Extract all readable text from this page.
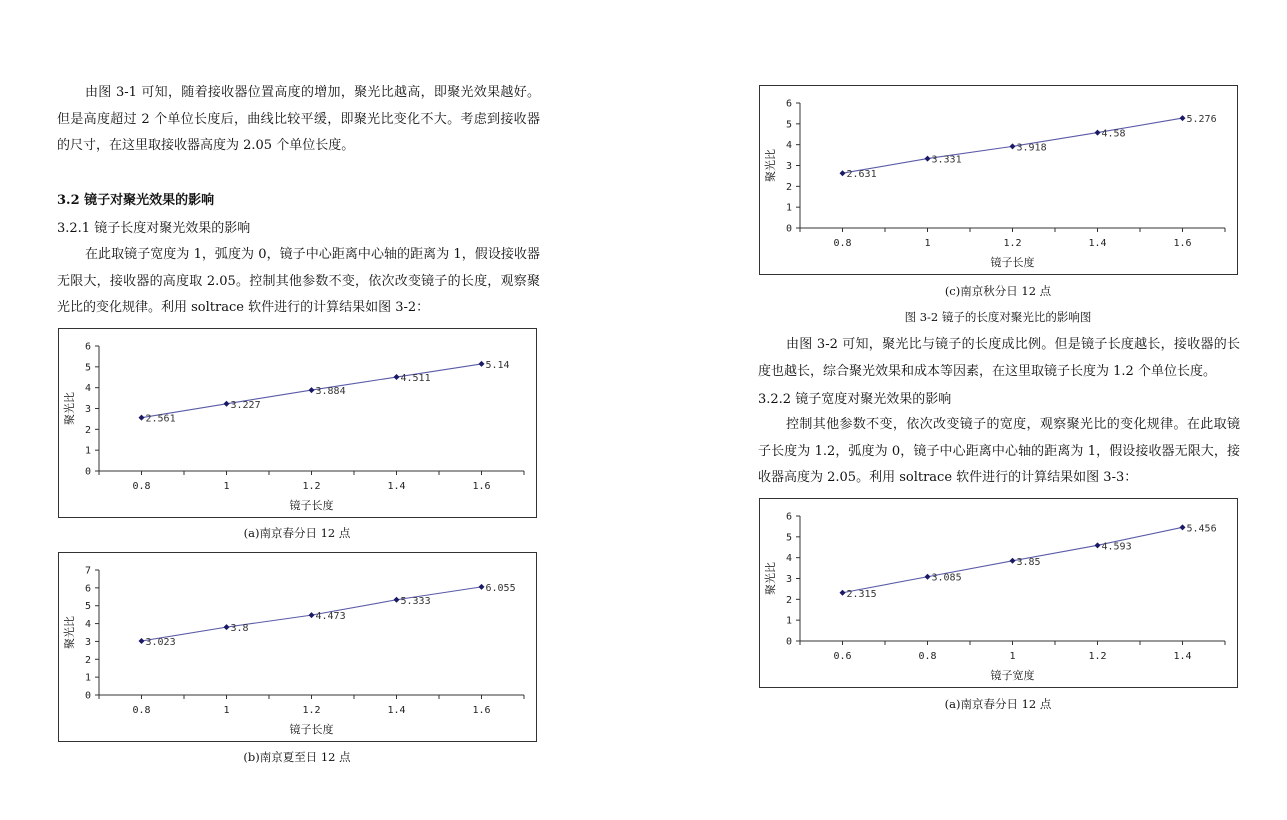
由图 3-1 可知，随着接收器位置高度的增加，聚光比越高，即聚光效果越好。但是高度超过 2 个单位长度后，曲线比较平缓，即聚光比变化不大。考虑到接收器的尺寸，在这里取接收器高度为 2.05 个单位长度。

3.2 镜子对聚光效果的影响
3.2.1 镜子长度对聚光效果的影响

在此取镜子宽度为 1，弧度为 0，镜子中心距离中心轴的距离为 1，假设接收器无限大，接收器的高度取 2.05。控制其他参数不变，依次改变镜子的长度，观察聚光比的变化规律。利用 soltrace 软件进行的计算结果如图 3-2：

0
1
2
3
4
5
6
0.8	1	1.2	1.4	1.6
镜子长度
聚光比	2.561
3.227
3.884
4.511
5.14
(a)南京春分日 12 点
0
1
2
3
4
5
6
7
0.8	1	1.2	1.4	1.6
镜子长度
聚光比	3.023
3.8
4.473
5.333
6.055
(b)南京夏至日 12 点
0
1
2
3
4
5
6
0.8	1	1.2	1.4	1.6
镜子长度
聚光比	2.631
3.331
3.918
4.58
5.276
(c)南京秋分日 12 点
图 3-2 镜子的长度对聚光比的影响图

由图 3-2 可知，聚光比与镜子的长度成比例。但是镜子长度越长，接收器的长度也越长，综合聚光效果和成本等因素，在这里取镜子长度为 1.2 个单位长度。

3.2.2 镜子宽度对聚光效果的影响

控制其他参数不变，依次改变镜子的宽度，观察聚光比的变化规律。在此取镜子长度为 1.2，弧度为 0，镜子中心距离中心轴的距离为 1，假设接收器无限大，接收器高度为 2.05。利用 soltrace 软件进行的计算结果如图 3-3：

0
1
2
3
4
5
6
0.6	0.8	1	1.2	1.4
镜子宽度
聚光比	2.315
3.085
3.85
4.593
5.456
(a)南京春分日 12 点
